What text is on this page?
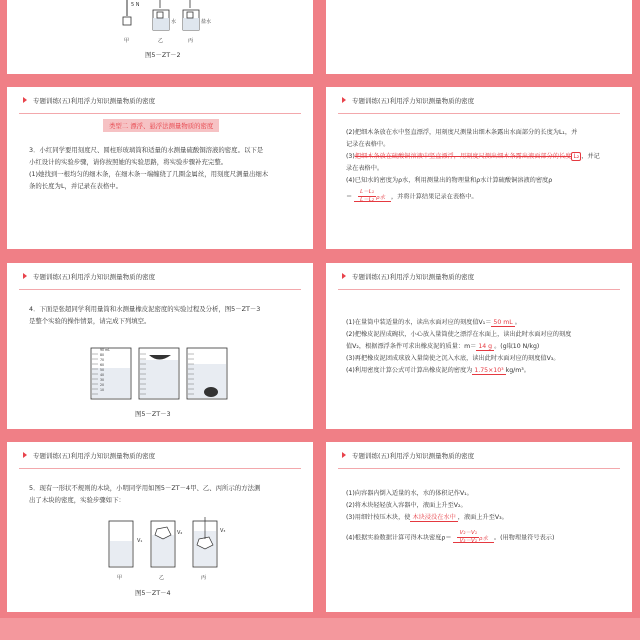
5 N
水	盐水
甲	乙	丙
图5－ZT－2
专题训练(五)利用浮力知识测量物质的密度
类型二 漂浮、悬浮法测量物质的密度
3．小红同学要用刻度尺、圆柱形玻璃筒和适量的水测量硫酸铜溶液的密度。以下是
小红设计的实验步骤，请你按照她的实验思路，将实验步骤补充完整。
(1)她找到一根均匀的细木条，在细木条一端缠绕了几圈金属丝，用刻度尺测量出细木
条的长度为L，并记录在表格中。
专题训练(五)利用浮力知识测量物质的密度
(2)把细木条放在水中竖直漂浮，用刻度尺测量出细木条露出水面部分的长度为L₁，并
记录在表格中。
(3)把细木条放在硫酸铜溶液中竖直漂浮，用刻度尺测出细木条露出液面部分的长度 L₂ ，并记
录在表格中。
(4)已知水的密度为ρ水，利用测量出的物理量和ρ水计算硫酸铜溶液的密度ρ
＝ $\frac{\text{L－L₁}}{\text{L－L₂}}$ ρ水 ，并将计算结果记录在表格中。
专题训练(五)利用浮力知识测量物质的密度
4．下面是张超同学利用量筒和水测量橡皮泥密度的实验过程及分析，图5－ZT－3
是整个实验的操作情景，请完成下列填空。
90 mL
80
70
60
50
40
30
20
10
图5－ZT－3
专题训练(五)利用浮力知识测量物质的密度
(1)在量筒中装适量的水，读出水面对应的刻度值V₁＝ 50 mL 。
(2)把橡皮泥捏成碗状，小心放入量筒使之漂浮在水面上，读出此时水面对应的刻度
值V₂，根据漂浮条件可求出橡皮泥的质量：m＝ 14 g 。(g取10 N/kg)
(3)再把橡皮泥团成球放入量筒使之沉入水底，读出此时水面对应的刻度值V₃。
(4)利用密度计算公式可计算出橡皮泥的密度为 1.75×10³ kg/m³。
专题训练(五)利用浮力知识测量物质的密度
5．现有一形状不规则的木块，小明同学用如图5－ZT－4甲、乙、丙所示的方法测
出了木块的密度，实验步骤如下：
V₁
V₂	V₃
甲	乙	丙
图5－ZT－4
专题训练(五)利用浮力知识测量物质的密度
(1)向容器内倒入适量的水，水的体积记作V₁。
(2)将木块轻轻放入容器中，液面上升至V₂。
(3)用细针按压木块，使 木块浸没在水中 ，液面上升至V₃。
(4)根据实验数据计算可得木块密度$\rho= \frac{\text{V₂－V₁}}{\text{V₃－V₁}}$ ρ水 。(用物理量符号表示)
